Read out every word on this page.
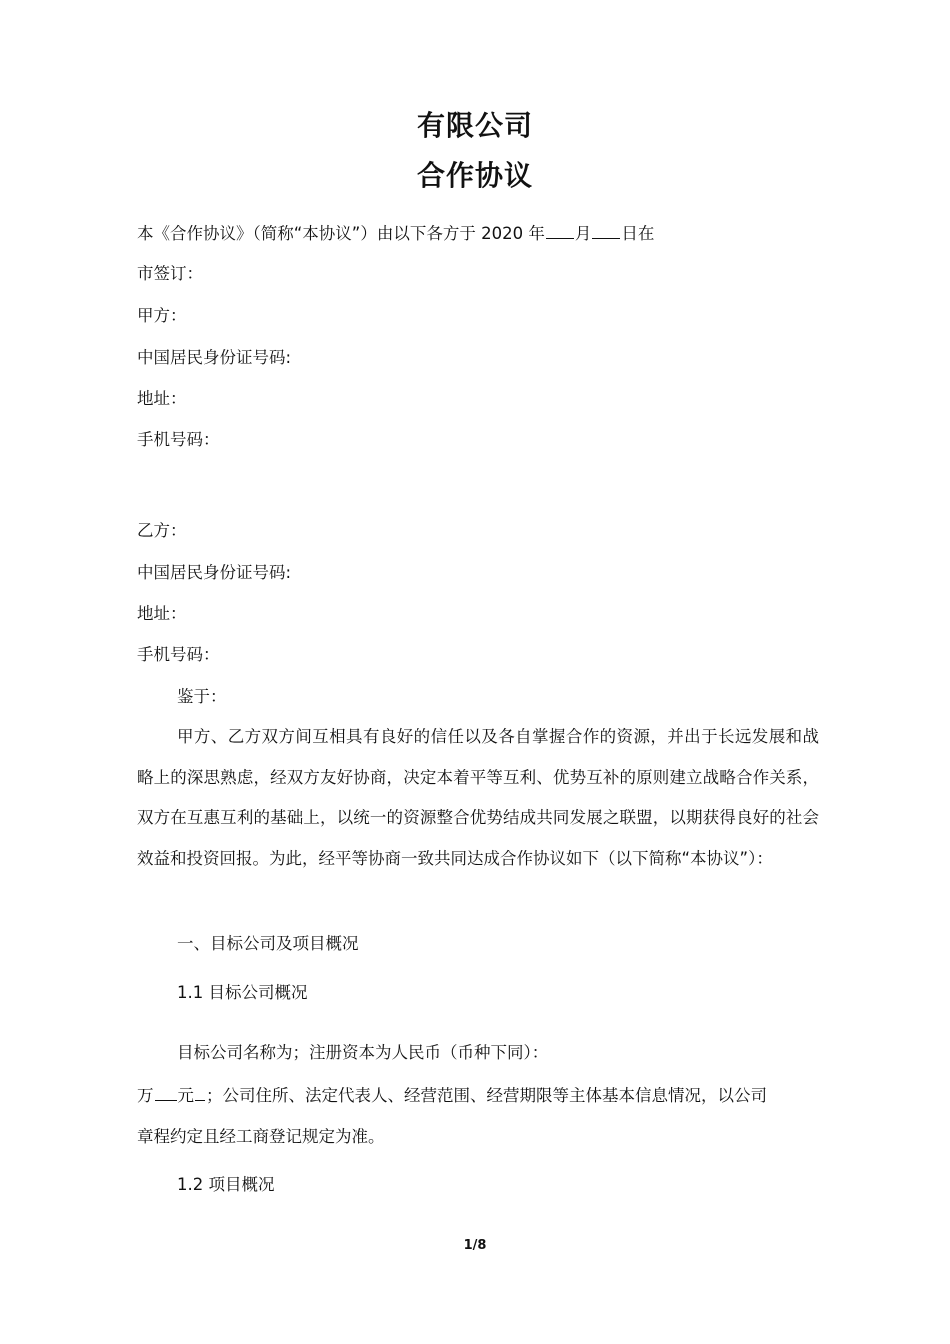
有限公司
合作协议
本《合作协议》（简称“本协议”）由以下各方于 2020 年 月 日在
市签订：
甲方：
中国居民身份证号码:
地址：
手机号码：
乙方：
中国居民身份证号码:
地址：
手机号码：
鉴于：

甲方、乙方双方间互相具有良好的信任以及各自掌握合作的资源，并出于长远发展和战略上的深思熟虑，经双方友好协商，决定本着平等互利、优势互补的原则建立战略合作关系，双方在互惠互利的基础上，以统一的资源整合优势结成共同发展之联盟，以期获得良好的社会效益和投资回报。为此，经平等协商一致共同达成合作协议如下（以下简称“本协议”）：

一、目标公司及项目概况
1.1 目标公司概况
目标公司名称为；注册资本为人民币（币种下同）：
万 元 ；公司住所、法定代表人、经营范围、经营期限等主体基本信息情况，以公司
章程约定且经工商登记规定为准。
1.2 项目概况
1/8
